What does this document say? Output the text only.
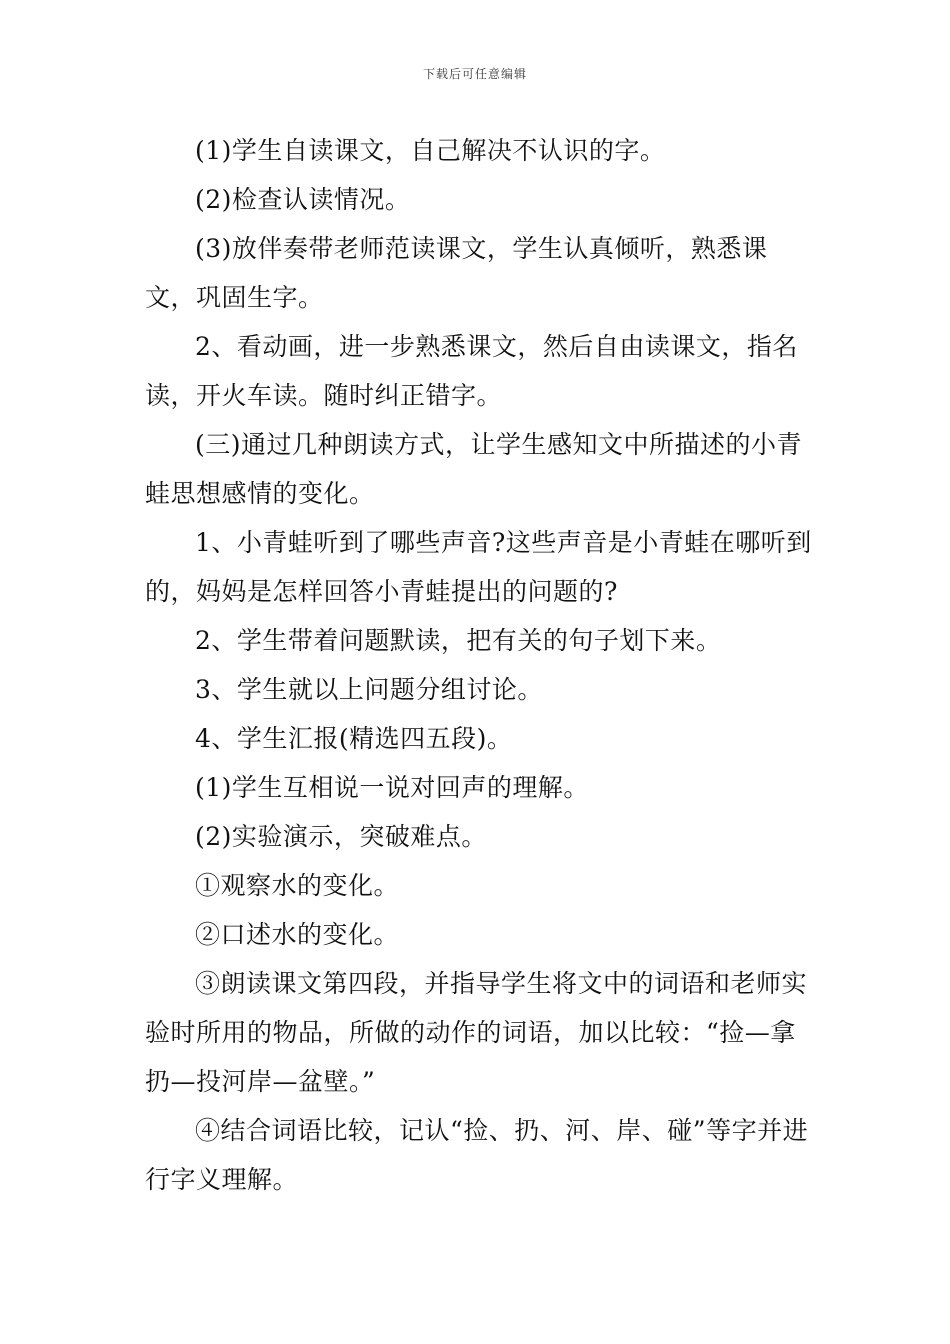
下载后可任意编辑

(1)学生自读课文，自己解决不认识的字。

(2)检查认读情况。

(3)放伴奏带老师范读课文，学生认真倾听，熟悉课文，巩固生字。

2、看动画，进一步熟悉课文，然后自由读课文，指名读，开火车读。随时纠正错字。

(三)通过几种朗读方式，让学生感知文中所描述的小青蛙思想感情的变化。

1、小青蛙听到了哪些声音?这些声音是小青蛙在哪听到的，妈妈是怎样回答小青蛙提出的问题的?

2、学生带着问题默读，把有关的句子划下来。

3、学生就以上问题分组讨论。

4、学生汇报(精选四五段)。

(1)学生互相说一说对回声的理解。

(2)实验演示，突破难点。

①观察水的变化。

②口述水的变化。

③朗读课文第四段，并指导学生将文中的词语和老师实验时所用的物品，所做的动作的词语，加以比较：“捡—拿扔—投河岸—盆壁。”

④结合词语比较，记认“捡、扔、河、岸、碰”等字并进行字义理解。
